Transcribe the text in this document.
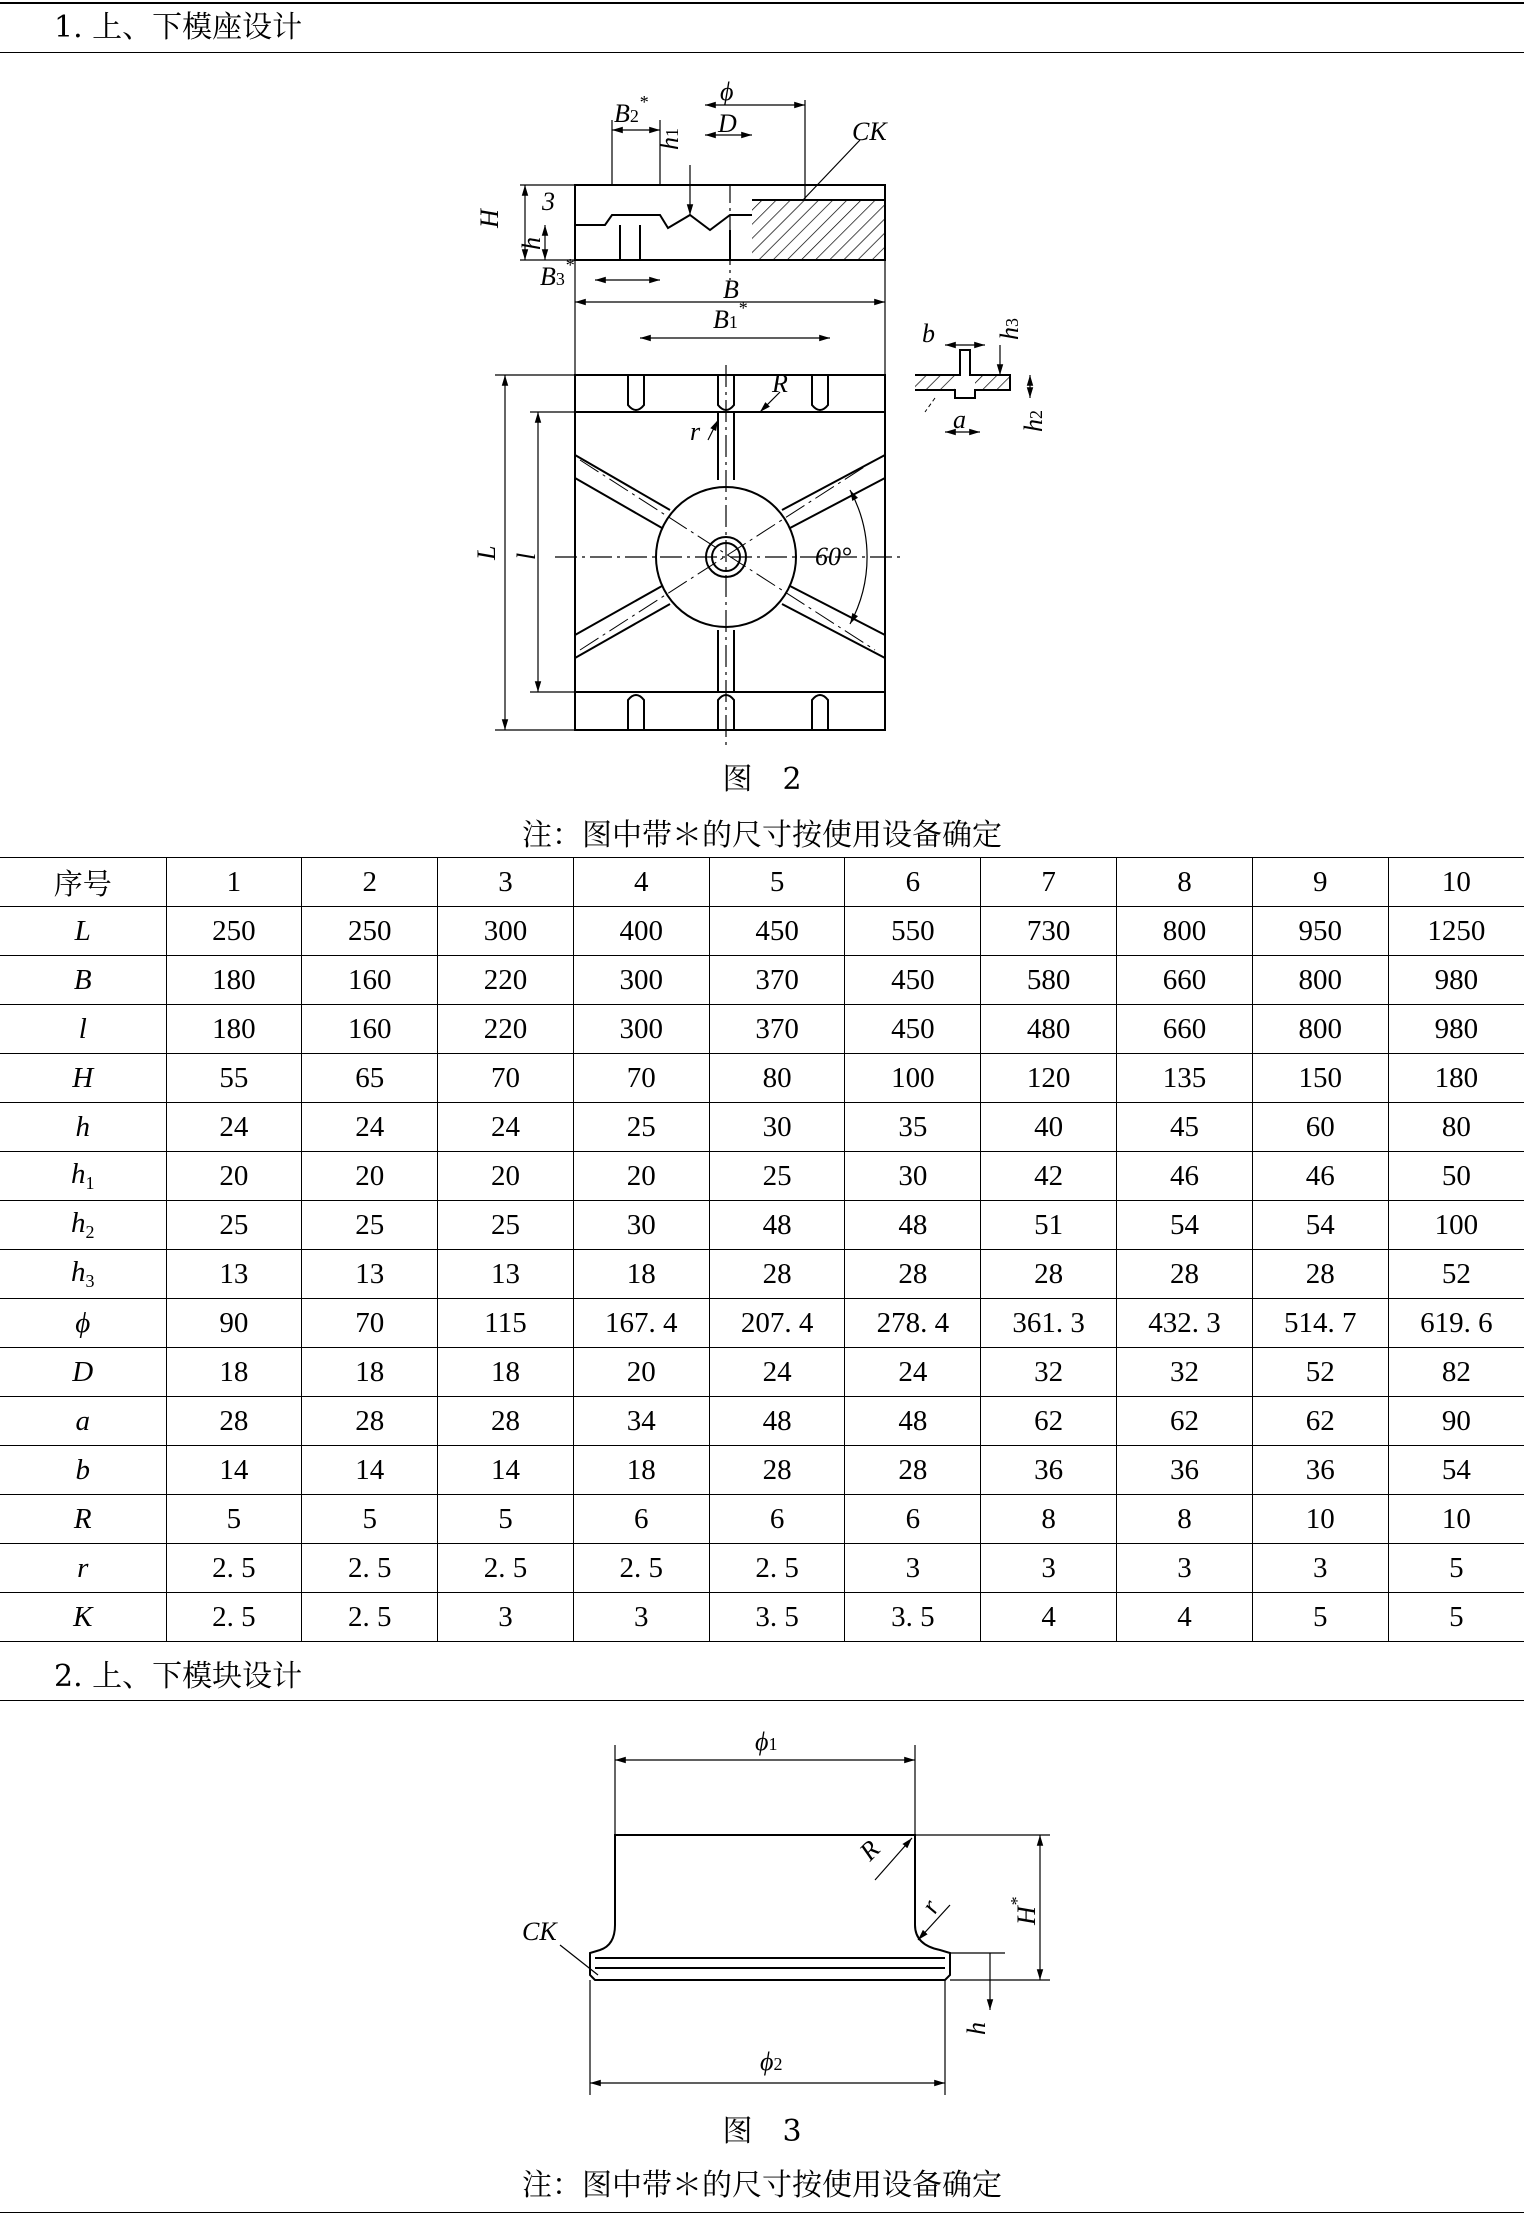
1. 上、下模座设计
B2*
h1
ϕ
D	CK
H
h
3
B3*
B
B1*
b h3
a h2
R
r
L l	60°
图　2
注：图中带＊的尺寸按使用设备确定
序号	1	2	3	4	5	6	7	8	9	10
L	250	250	300	400	450	550	730	800	950	1250
B	180	160	220	300	370	450	580	660	800	980
l	180	160	220	300	370	450	480	660	800	980
H	55	65	70	70	80	100	120	135	150	180
h	24	24	24	25	30	35	40	45	60	80
$h_1$	20	20	20	20	25	30	42	46	46	50
$h_2$	25	25	25	30	48	48	51	54	54	100
$h_3$	13	13	13	18	28	28	28	28	28	52
ϕ	90	70	115	167. 4	207. 4	278. 4	361. 3	432. 3	514. 7	619. 6
D	18	18	18	20	24	24	32	32	52	82
a	28	28	28	34	48	48	62	62	62	90
b	14	14	14	18	28	28	36	36	36	54
R	5	5	5	6	6	6	8	8	10	10
r	2. 5	2. 5	2. 5	2. 5	2. 5	3	3	3	3	5
K	2. 5	2. 5	3	3	3. 5	3. 5	4	4	5	5
2. 上、下模块设计
ϕ1
ϕ2
R
r	H*
CK
h
图　3
注：图中带＊的尺寸按使用设备确定
